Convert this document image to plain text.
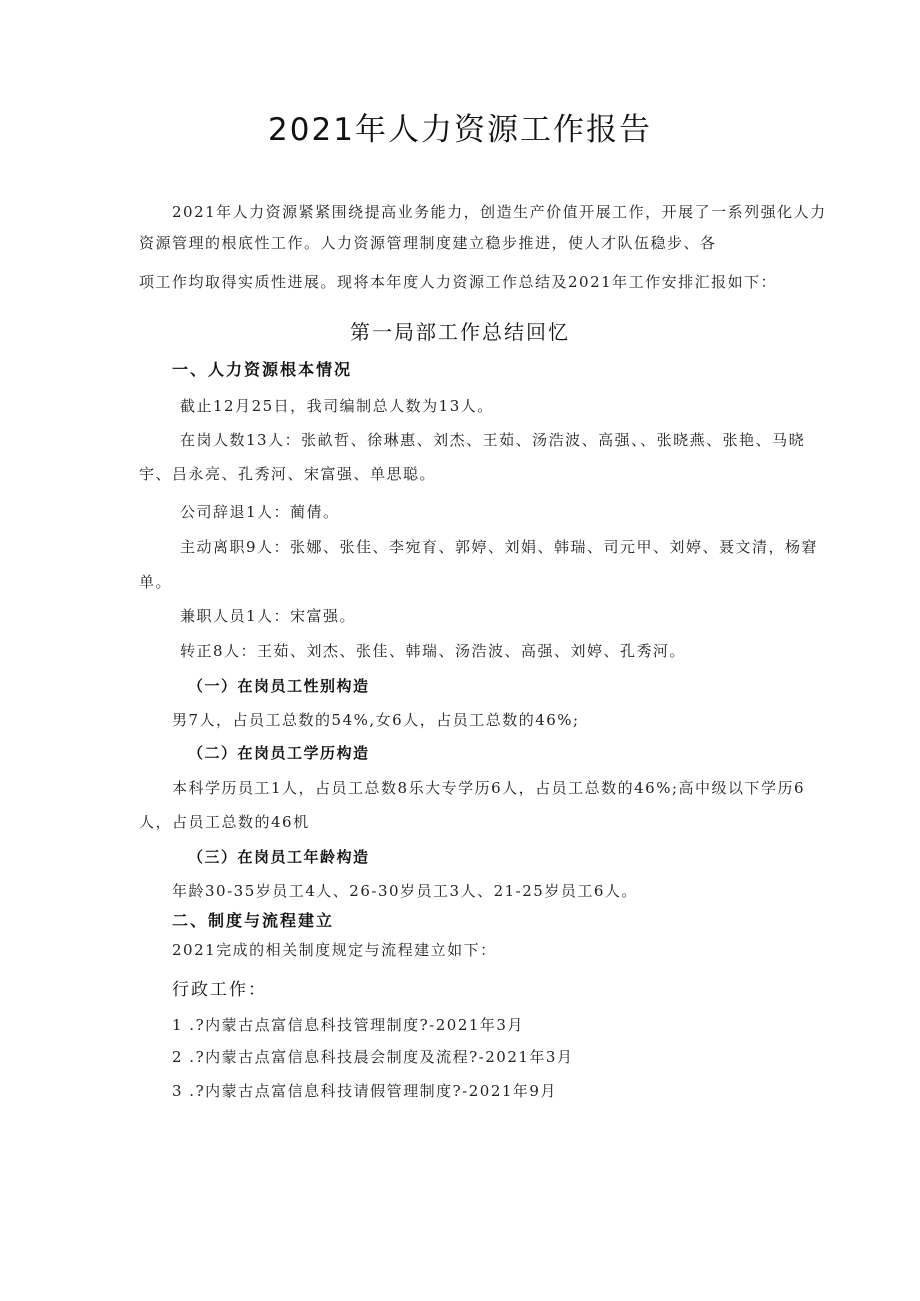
2021年人力资源工作报告
2021年人力资源紧紧围绕提高业务能力，创造生产价值开展工作，开展了一系列强化人力
资源管理的根底性工作。人力资源管理制度建立稳步推进，使人才队伍稳步、各
项工作均取得实质性进展。现将本年度人力资源工作总结及2021年工作安排汇报如下：
第一局部工作总结回忆
一、人力资源根本情况
截止12月25日，我司编制总人数为13人。
在岗人数13人：张畝哲、徐琳惠、刘杰、王茹、汤浩波、高强、、张晓燕、张艳、马晓
宇、吕永亮、孔秀河、宋富强、单思聪。
公司辞退1人：蔺倩。
主动离职9人：张娜、张佳、李宛育、郭婷、刘娟、韩瑞、司元甲、刘婷、聂文清，杨窘
单。
兼职人员1人：宋富强。
转正8人：王茹、刘杰、张佳、韩瑞、汤浩波、高强、刘婷、孔秀河。
（一）在岗员工性别构造
男7人，占员工总数的54%,女6人，占员工总数的46%;
（二）在岗员工学历构造
本科学历员工1人，占员工总数8乐大专学历6人，占员工总数的46%;高中级以下学历6
人，占员工总数的46机
（三）在岗员工年龄构造
年龄30-35岁员工4人、26-30岁员工3人、21-25岁员工6人。
二、制度与流程建立
2021完成的相关制度规定与流程建立如下：
行政工作：
1 .?内蒙古点富信息科技管理制度?-2021年3月
2 .?内蒙古点富信息科技晨会制度及流程?-2021年3月
3 .?内蒙古点富信息科技请假管理制度?-2021年9月
